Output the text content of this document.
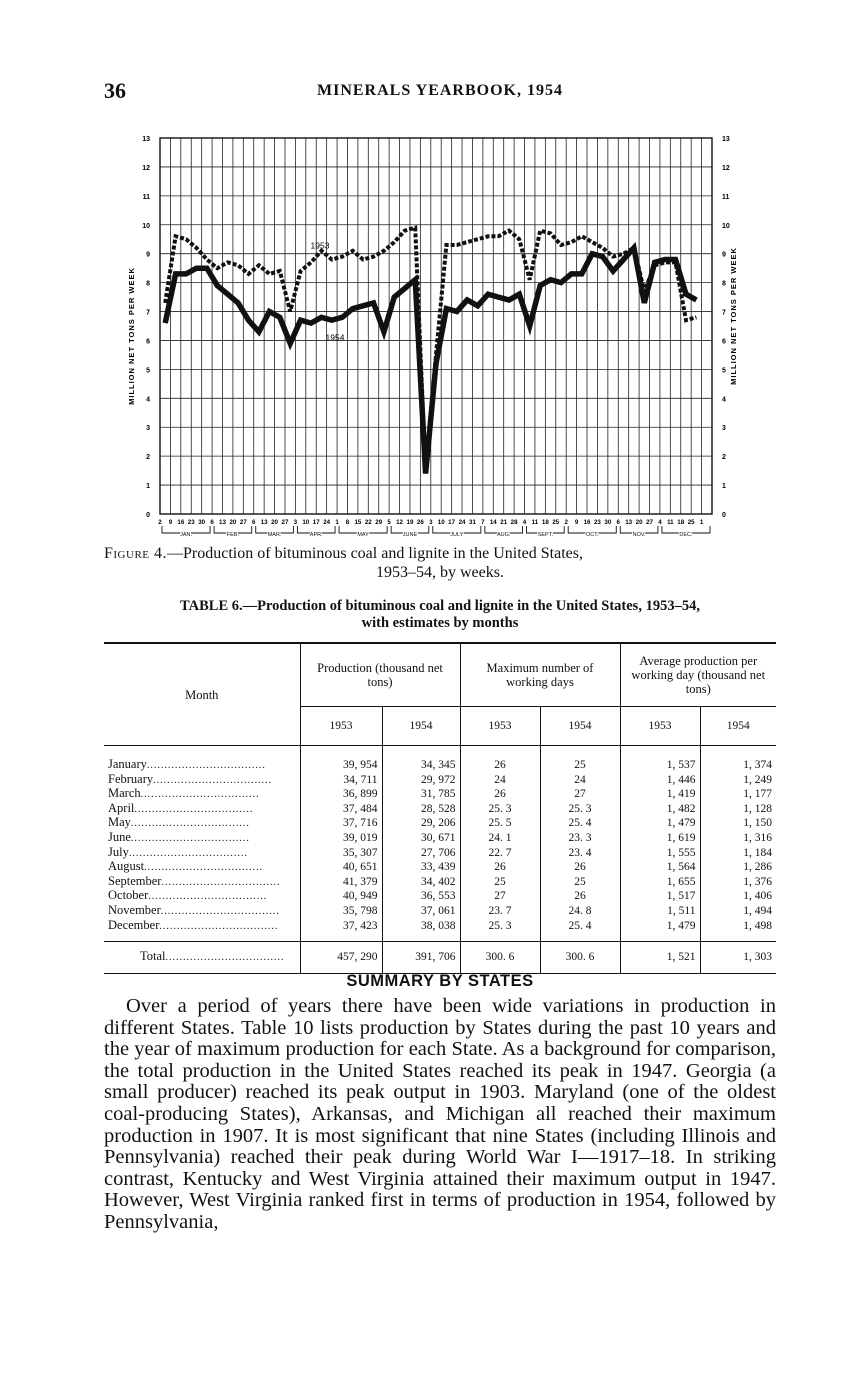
36	MINERALS YEARBOOK, 1954
0	0
1	1
2	2
3	3
4	4
5	5
6	6
7	7
8	8
9	9
10	10
11	11
12	12
13	13
MILLION NET TONS PER WEEK	MILLION NET TONS PER WEEK
2 9 16 23 30 6 13 20 27 6 13 20 27 3 10 17 24 1 8 15 22 29 5 12 19 26 3 10 17 24 31 7 14 21 28 4 11 18 25 2 9 16 23 30 6 13 20 27 4 11 18 25 1
JAN.	FEB.	MAR.	APR.	MAY	JUNE	JULY	AUG.	SEPT.	OCT.	NOV.	DEC.
1953
1954
Figure 4.—Production of bituminous coal and lignite in the United States,
1953–54, by weeks.
TABLE 6.—Production of bituminous coal and lignite in the United States, 1953–54,
with estimates by months
Month	Production (thousand net tons)		Maximum number of working days		Average production per working day (thousand net tons)	
	1953	1954	1953	1954	1953	1954
January..................................	39, 954	34, 345	26	25	1, 537	1, 374
February..................................	34, 711	29, 972	24	24	1, 446	1, 249
March..................................	36, 899	31, 785	26	27	1, 419	1, 177
April..................................	37, 484	28, 528	25. 3	25. 3	1, 482	1, 128
May..................................	37, 716	29, 206	25. 5	25. 4	1, 479	1, 150
June..................................	39, 019	30, 671	24. 1	23. 3	1, 619	1, 316
July..................................	35, 307	27, 706	22. 7	23. 4	1, 555	1, 184
August..................................	40, 651	33, 439	26	26	1, 564	1, 286
September..................................	41, 379	34, 402	25	25	1, 655	1, 376
October..................................	40, 949	36, 553	27	26	1, 517	1, 406
November..................................	35, 798	37, 061	23. 7	24. 8	1, 511	1, 494
December..................................	37, 423	38, 038	25. 3	25. 4	1, 479	1, 498
Total..................................	457, 290	391, 706	300. 6	300. 6	1, 521	1, 303
SUMMARY BY STATES

Over a period of years there have been wide variations in production in different States. Table 10 lists production by States during the past 10 years and the year of maximum production for each State. As a background for comparison, the total production in the United States reached its peak in 1947. Georgia (a small producer) reached its peak output in 1903. Maryland (one of the oldest coal-producing States), Arkansas, and Michigan all reached their maximum production in 1907. It is most significant that nine States (including Illinois and Pennsylvania) reached their peak during World War I—1917–18. In striking contrast, Kentucky and West Virginia attained their maximum output in 1947. However, West Virginia ranked first in terms of production in 1954, followed by Pennsylvania,
